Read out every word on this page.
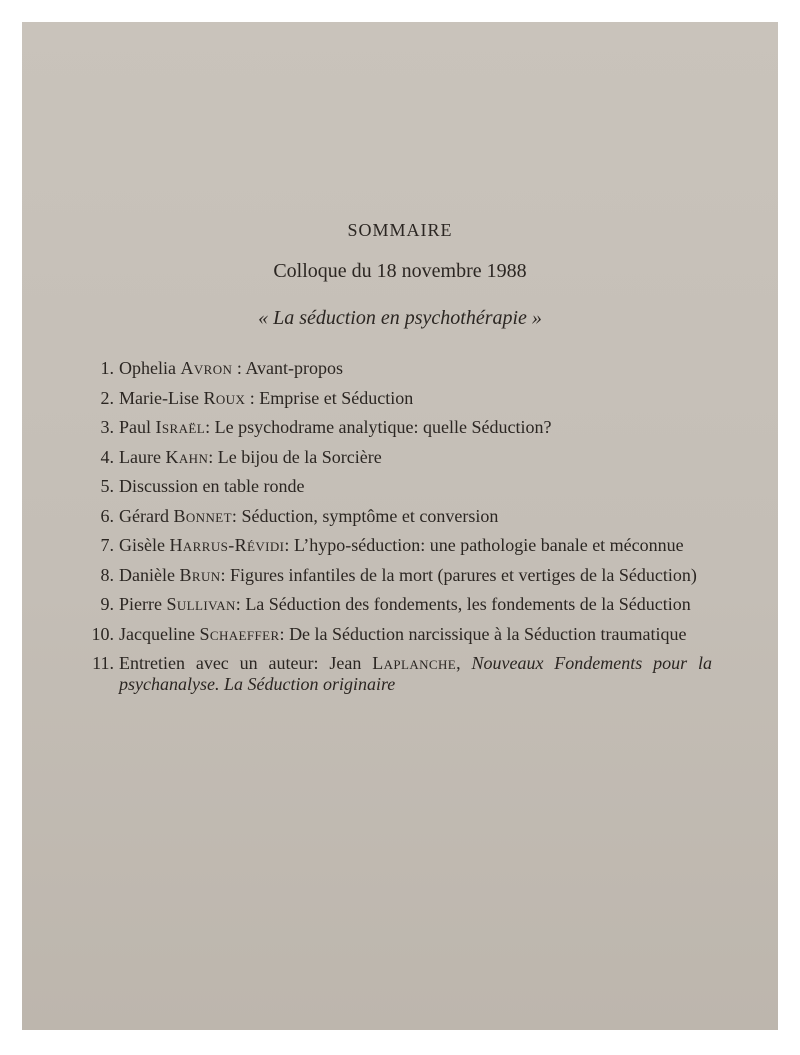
SOMMAIRE
Colloque du 18 novembre 1988
« La séduction en psychothérapie »
1. Ophelia Avron : Avant-propos
2. Marie-Lise Roux : Emprise et Séduction
3. Paul Israël: Le psychodrame analytique: quelle Séduction?
4. Laure Kahn: Le bijou de la Sorcière
5. Discussion en table ronde
6. Gérard Bonnet: Séduction, symptôme et conversion
7. Gisèle Harrus-Révidi: L’hypo-séduction: une pathologie banale et méconnue
8. Danièle Brun: Figures infantiles de la mort (parures et vertiges de la Séduction)
9. Pierre Sullivan: La Séduction des fondements, les fondements de la Séduction
10. Jacqueline Schaeffer: De la Séduction narcissique à la Séduction traumatique
11. Entretien avec un auteur: Jean Laplanche, Nouveaux Fondements pour la psychanalyse. La Séduction originaire
